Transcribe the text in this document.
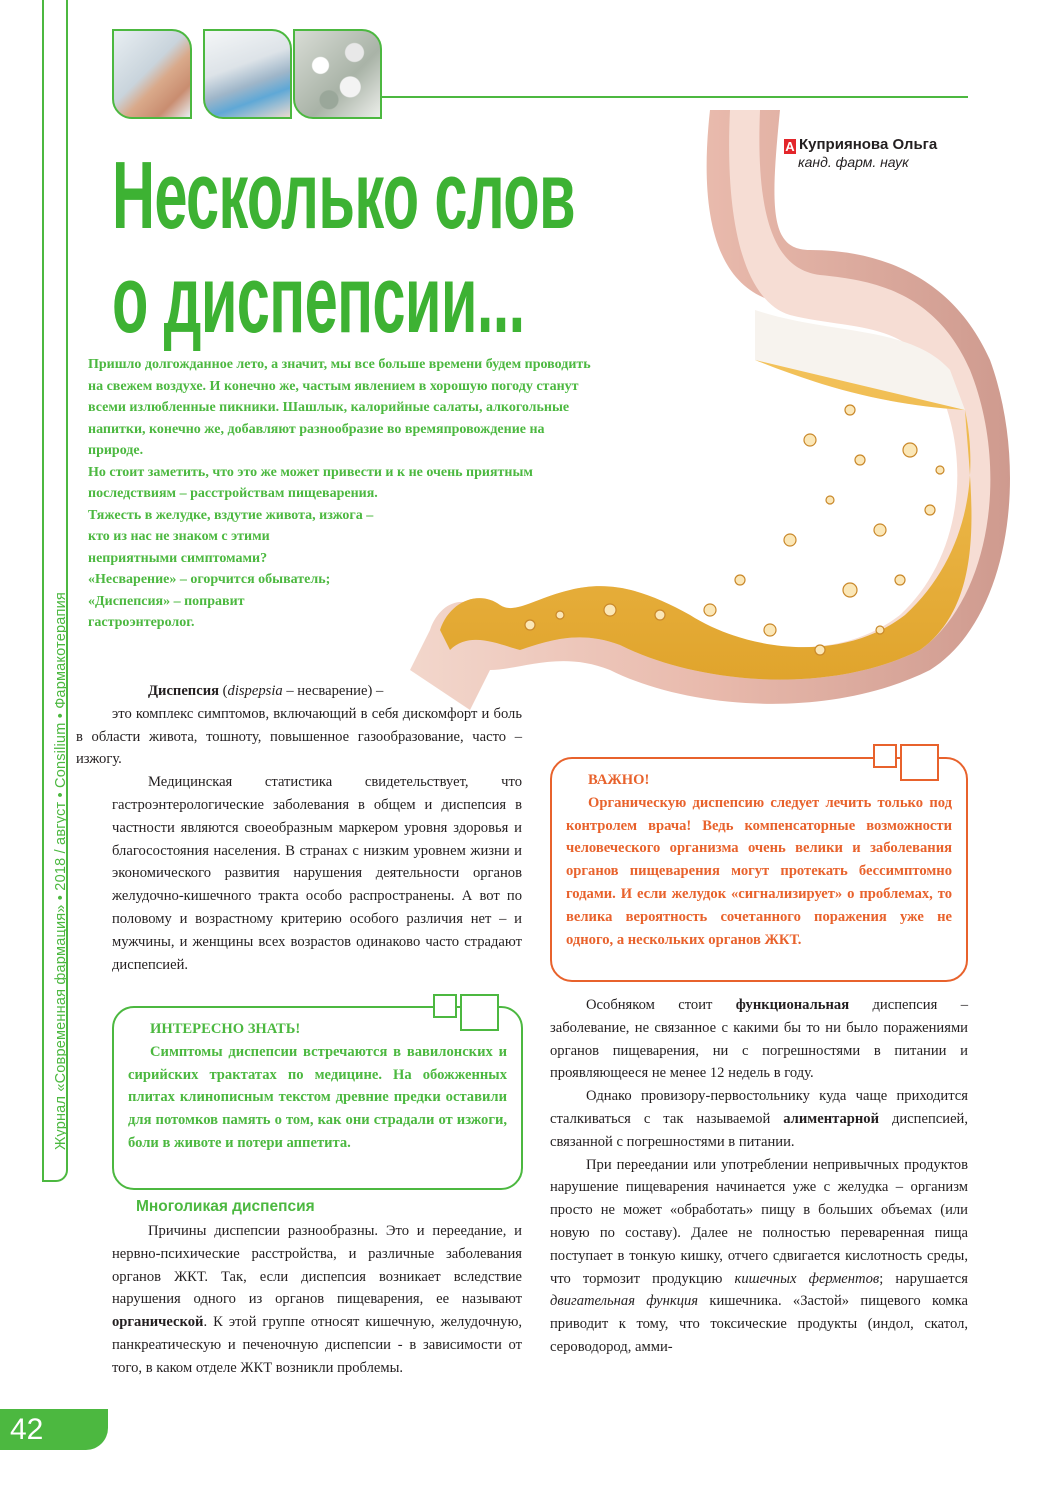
Журнал «Современная фармация» • 2018 / август • Consilium • Фармакотерапия
A Куприянова Ольга
канд. фарм. наук
Несколько слов
о диспепсии...
Пришло долгожданное лето, а значит, мы все больше времени будем проводить
на свежем воздухе. И конечно же, частым явлением в хорошую погоду станут
всеми излюбленные пикники. Шашлык, калорийные салаты, алкогольные
напитки, конечно же, добавляют разнообразие во времяпровождение на
природе.
Но стоит заметить, что это же может привести и к не очень приятным
последствиям – расстройствам пищеварения.
Тяжесть в желудке, вздутие живота, изжога –
кто из нас не знаком с этими
неприятными симптомами?
«Несварение» – огорчится обыватель;
«Диспепсия» – поправит
гастроэнтеролог.

Диспепсия (dispepsia – несварение) –
это комплекс симптомов, включающий в себя дискомфорт и боль в области живота, тошноту, повышенное газообразование, часто – изжогу.

Медицинская статистика свидетельствует, что гастроэнтерологические заболевания в общем и диспепсия в частности являются своеобразным маркером уровня здоровья и благосостояния населения. В странах с низким уровнем жизни и экономического развития нарушения деятельности органов желудочно-кишечного тракта особо распространены. А вот по половому и возрастному критерию особого различия нет – и мужчины, и женщины всех возрастов одинаково часто страдают диспепсией.

ИНТЕРЕСНО ЗНАТЬ!

Симптомы диспепсии встречаются в вавилонских и сирийских трактатах по медицине. На обожженных плитах клинописным текстом древние предки оставили для потомков память о том, как они страдали от изжоги, боли в животе и потери аппетита.

Многоликая диспепсия

Причины диспепсии разнообразны. Это и переедание, и нервно-психические расстройства, и различные заболевания органов ЖКТ. Так, если диспепсия возникает вследствие нарушения одного из органов пищеварения, ее называют органической. К этой группе относят кишечную, желудочную, панкреатическую и печеночную диспепсии - в зависимости от того, в каком отделе ЖКТ возникли проблемы.

ВАЖНО!

Органическую диспепсию следует лечить только под контролем врача! Ведь компенсаторные возможности человеческого организма очень велики и заболевания органов пищеварения могут протекать бессимптомно годами. И если желудок «сигнализирует» о проблемах, то велика вероятность сочетанного поражения уже не одного, а нескольких органов ЖКТ.

Особняком стоит функциональная диспепсия – заболевание, не связанное с какими бы то ни было поражениями органов пищеварения, ни с погрешностями в питании и проявляющееся не менее 12 недель в году.

Однако провизору-первостольнику куда чаще приходится сталкиваться с так называемой алиментарной диспепсией, связанной с погрешностями в питании.

При переедании или употреблении непривычных продуктов нарушение пищеварения начинается уже с желудка – организм просто не может «обработать» пищу в больших объемах (или новую по составу). Далее не полностью переваренная пища поступает в тонкую кишку, отчего сдвигается кислотность среды, что тормозит продукцию кишечных ферментов; нарушается двигательная функция кишечника. «Застой» пищевого комка приводит к тому, что токсические продукты (индол, скатол, сероводород, амми-

42
